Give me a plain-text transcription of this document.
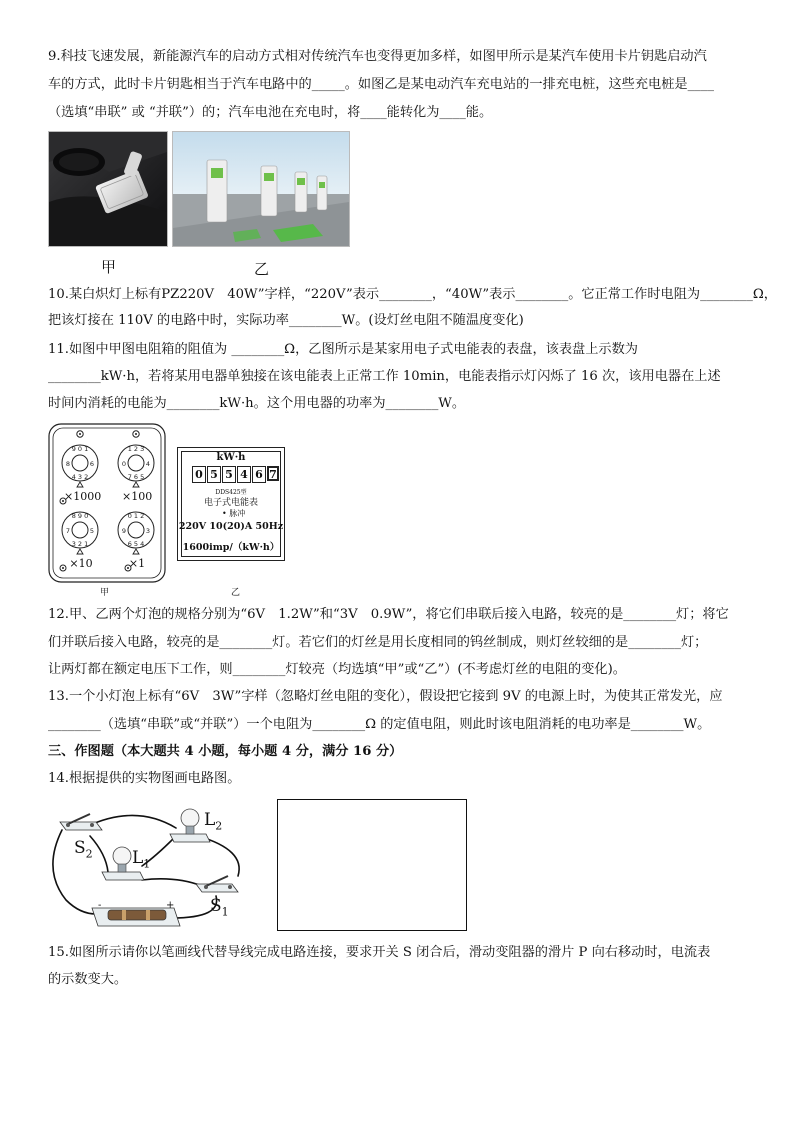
9.科技飞速发展，新能源汽车的启动方式相对传统汽车也变得更加多样，如图甲所示是某汽车使用卡片钥匙启动汽
车的方式，此时卡片钥匙相当于汽车电路中的_____。如图乙是某电动汽车充电站的一排充电桩，这些充电桩是____
（选填“串联” 或 “并联”）的；汽车电池在充电时，将____能转化为____能。
甲	乙
10.某白炽灯上标有PZ220V　40W”字样，“220V”表示________，“40W”表示________。它正常工作时电阻为________Ω，
把该灯接在 110V 的电路中时，实际功率________W。(设灯丝电阻不随温度变化)
11.如图中甲图电阻箱的阻值为 ________Ω，乙图所示是某家用电子式电能表的表盘，该表盘上示数为
________kW·h，若将某用电器单独接在该电能表上正常工作 10min，电能表指示灯闪烁了 16 次，该用电器在上述
时间内消耗的电能为________kW·h。这个用电器的功率为________W。
9 0 1
4 3 2
8	6
1 2 3
7 6 5
0	4
8 9 0
3 2 1
7	5
0 1 2
6 5 4
9	3
×1000 ×100
×10	×1
甲
kW·h
0 5 5 4 6 7
DDS425型
电子式电能表
• 脉冲
220V 10(20)A 50Hz
1600imp/（kW·h）
乙
12.甲、乙两个灯泡的规格分别为“6V　1.2W”和“3V　0.9W”，将它们串联后接入电路，较亮的是________灯；将它
们并联后接入电路，较亮的是________灯。若它们的灯丝是用长度相同的钨丝制成，则灯丝较细的是________灯；
让两灯都在额定电压下工作，则________灯较亮（均选填“甲”或“乙”）(不考虑灯丝的电阻的变化)。
13.一个小灯泡上标有“6V　3W”字样（忽略灯丝电阻的变化），假设把它接到 9V 的电源上时，为使其正常发光，应
________（选填“串联”或“并联”）一个电阻为________Ω 的定值电阻，则此时该电阻消耗的电功率是________W。
三、作图题（本大题共 4 小题，每小题 4 分，满分 16 分）
14.根据提供的实物图画电路图。
$L_2$
$L_1$
$S_2$
$S_1$
-	+
15.如图所示请你以笔画线代替导线完成电路连接，要求开关 S 闭合后，滑动变阻器的滑片 P 向右移动时，电流表
的示数变大。
